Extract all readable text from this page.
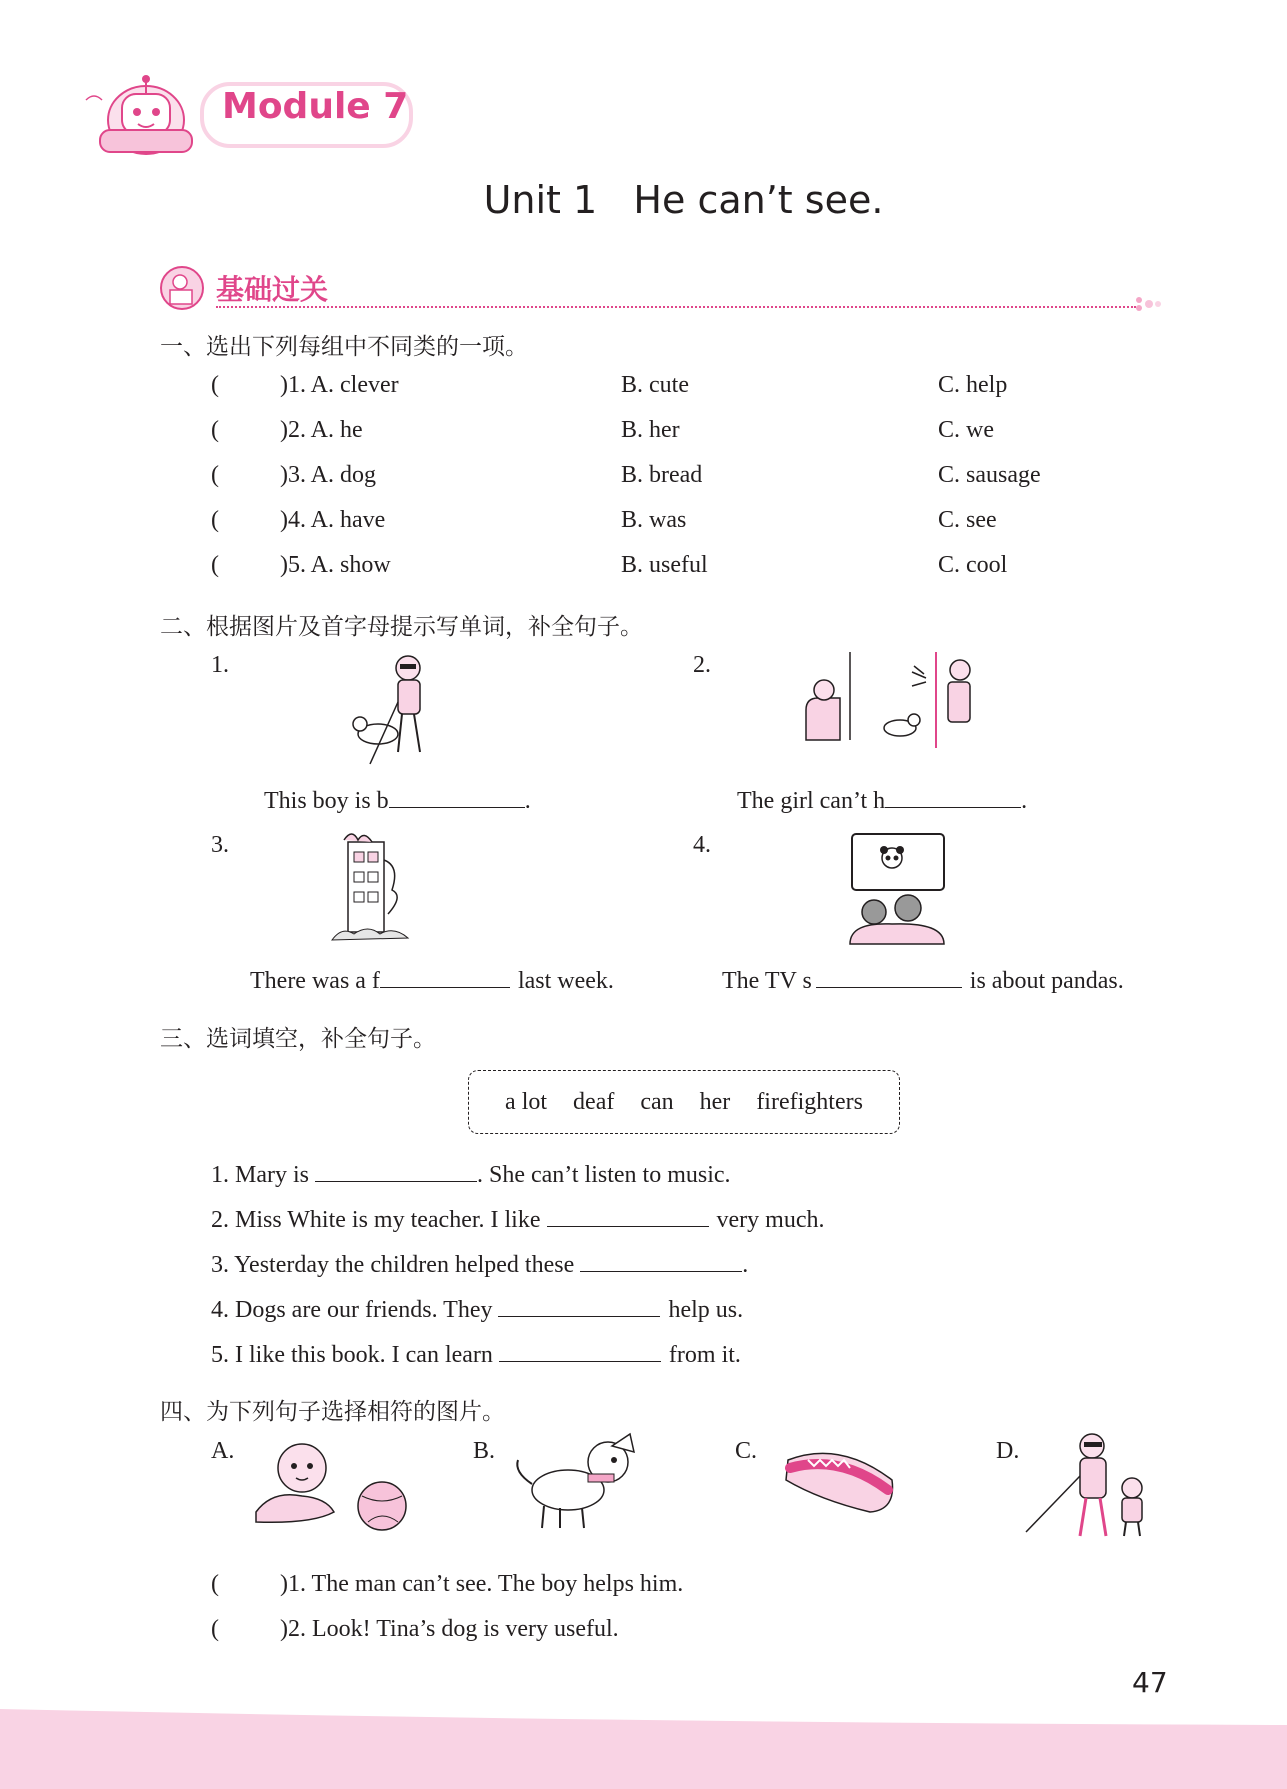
Module 7
Unit 1   He can’t see.
基础过关
一、选出下列每组中不同类的一项。
(	)1. A. clever	B. cute	C. help
(	)2. A. he	B. her	C. we
(	)3. A. dog	B. bread	C. sausage
(	)4. A. have	B. was	C. see
(	)5. A. show	B. useful	C. cool
二、根据图片及首字母提示写单词，补全句子。
1.
This boy is b	.
2.
The girl can’t h	.
3.
There was a f	last week.
4.
The TV s	is about pandas.
三、选词填空，补全句子。
a lot deaf can her firefighters
1. Mary is	. She can’t listen to music.
2. Miss White is my teacher. I like	very much.
3. Yesterday the children helped these	.
4. Dogs are our friends. They	help us.
5. I like this book. I can learn	from it.
四、为下列句子选择相符的图片。
A.	B.	C.	D.
(	)1. The man can’t see. The boy helps him.
(	)2. Look! Tina’s dog is very useful.
47
